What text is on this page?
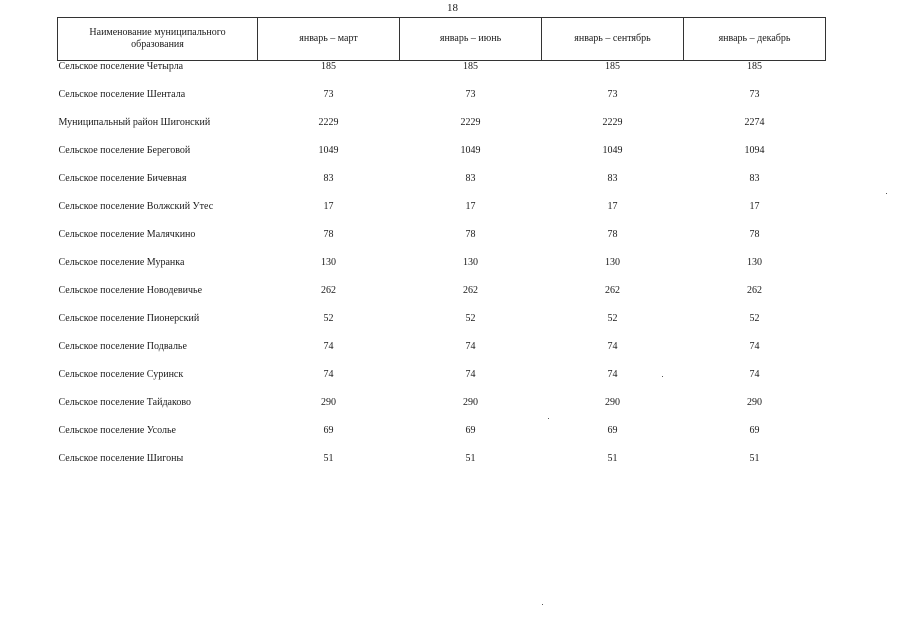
18
Наименование муниципального образования	январь – март	январь – июнь	январь – сентябрь	январь – декабрь
Сельское поселение Четырла	185	185	185	185
Сельское поселение Шентала	73	73	73	73
Муниципальный район Шигонский	2229	2229	2229	2274
Сельское поселение Береговой	1049	1049	1049	1094
Сельское поселение Бичевная	83	83	83	83
Сельское поселение Волжский Утес	17	17	17	17
Сельское поселение Малячкино	78	78	78	78
Сельское поселение Муранка	130	130	130	130
Сельское поселение Новодевичье	262	262	262	262
Сельское поселение Пионерский	52	52	52	52
Сельское поселение Подвалье	74	74	74	74
Сельское поселение Суринск	74	74	74	74
Сельское поселение Тайдаково	290	290	290	290
Сельское поселение Усолье	69	69	69	69
Сельское поселение Шигоны	51	51	51	51
